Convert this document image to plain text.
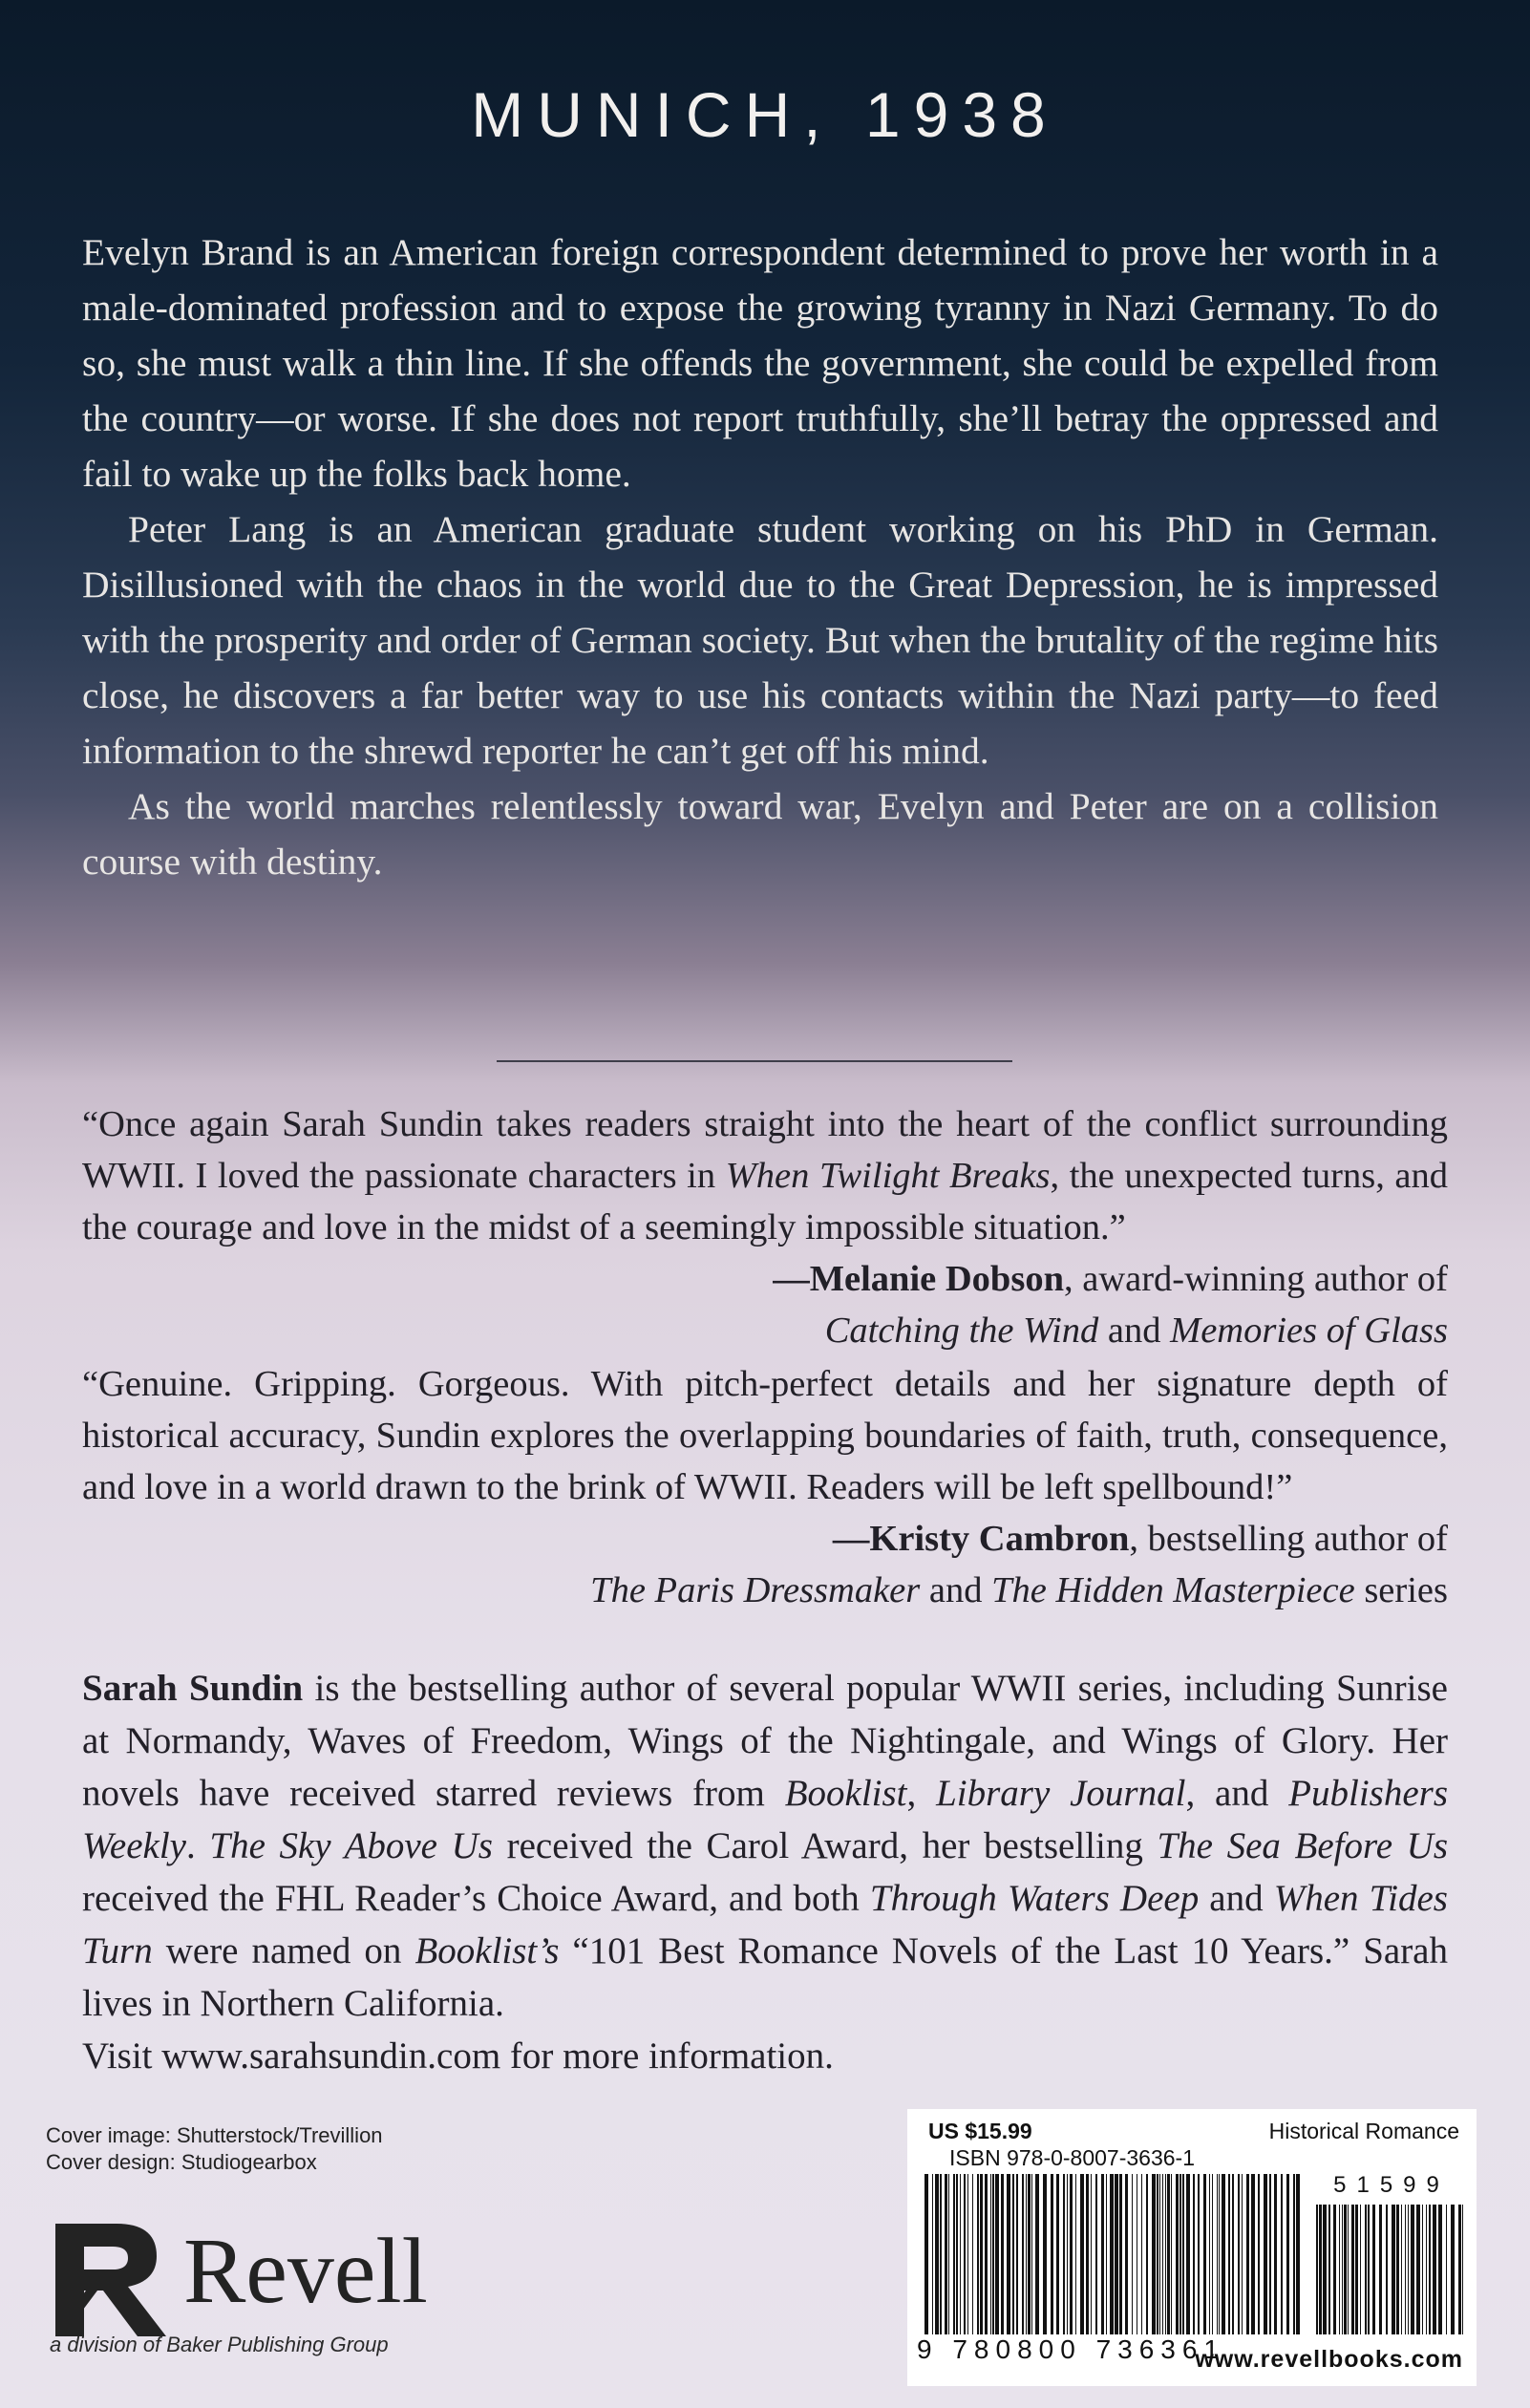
MUNICH, 1938

Evelyn Brand is an American foreign correspondent determined to prove her worth in a male-dominated profession and to expose the growing tyranny in Nazi Germany. To do so, she must walk a thin line. If she offends the government, she could be expelled from the country—or worse. If she does not report truthfully, she’ll betray the oppressed and fail to wake up the folks back home.

Peter Lang is an American graduate student working on his PhD in German. Disillusioned with the chaos in the world due to the Great Depression, he is impressed with the prosperity and order of German society. But when the brutality of the regime hits close, he discovers a far better way to use his contacts within the Nazi party—to feed information to the shrewd reporter he can’t get off his mind.

As the world marches relentlessly toward war, Evelyn and Peter are on a collision course with destiny.

“Once again Sarah Sundin takes readers straight into the heart of the conflict surrounding WWII. I loved the passionate characters in When Twilight Breaks, the unexpected turns, and the courage and love in the midst of a seemingly impossible situation.”

—Melanie Dobson, award-winning author of

Catching the Wind and Memories of Glass

“Genuine. Gripping. Gorgeous. With pitch-perfect details and her signature depth of historical accuracy, Sundin explores the overlapping boundaries of faith, truth, consequence, and love in a world drawn to the brink of WWII. Readers will be left spellbound!”

—Kristy Cambron, bestselling author of

The Paris Dressmaker and The Hidden Masterpiece series

Sarah Sundin is the bestselling author of several popular WWII series, including Sunrise at Normandy, Waves of Freedom, Wings of the Nightingale, and Wings of Glory. Her novels have received starred reviews from Booklist, Library Journal, and Publishers Weekly. The Sky Above Us received the Carol Award, her bestselling The Sea Before Us received the FHL Reader’s Choice Award, and both Through Waters Deep and When Tides Turn were named on Booklist’s “101 Best Romance Novels of the Last 10 Years.” Sarah lives in Northern California.

Visit www.sarahsundin.com for more information.

Cover image: Shutterstock/Trevillion
Cover design: Studiogearbox
Revell
a division of Baker Publishing Group
US $15.99	Historical Romance
ISBN 978-0-8007-3636-1
51599
9 780800 736361
www.revellbooks.com
